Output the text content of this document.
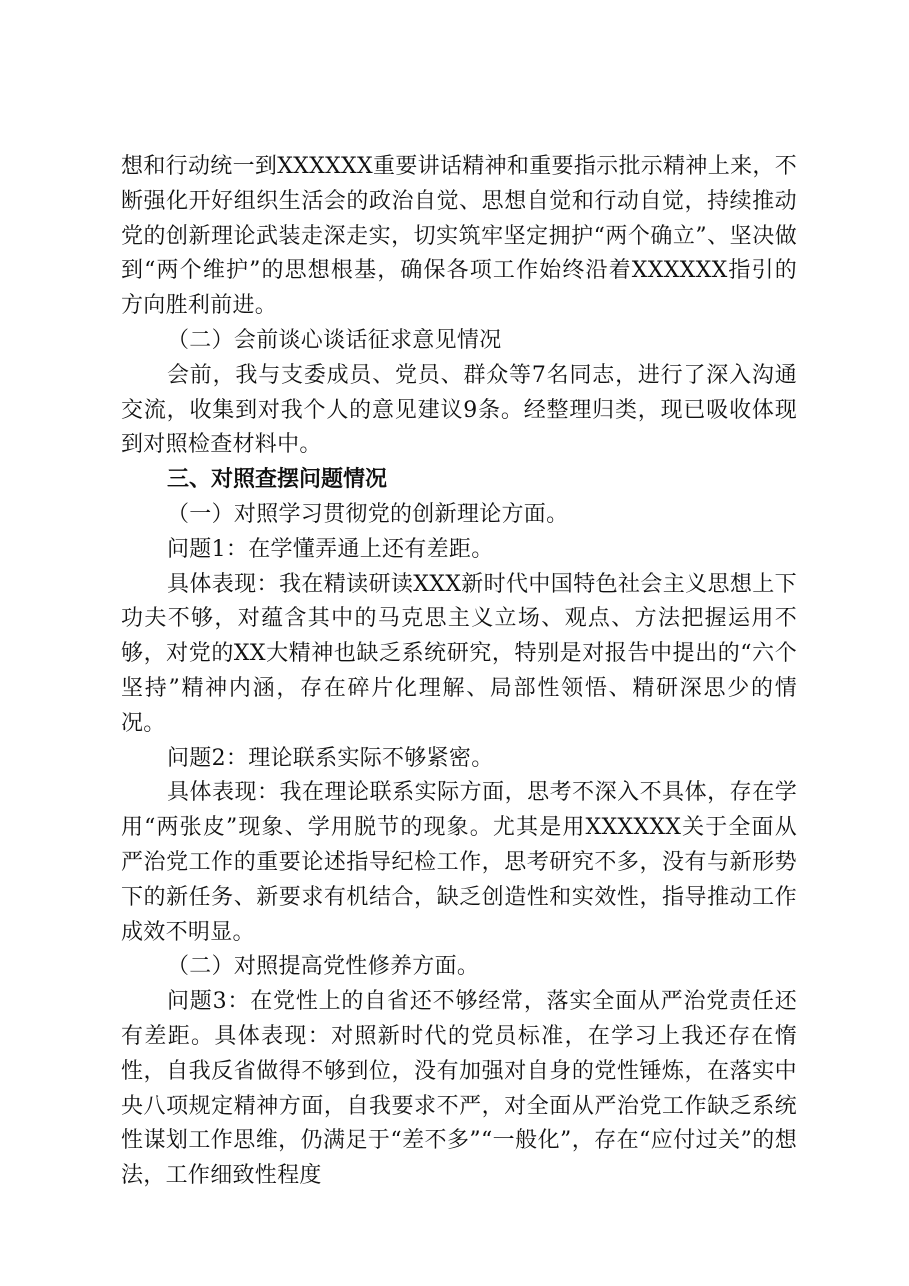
想和行动统一到XXXXXX重要讲话精神和重要指示批示精神上来，不断强化开好组织生活会的政治自觉、思想自觉和行动自觉，持续推动党的创新理论武装走深走实，切实筑牢坚定拥护“两个确立”、坚决做到“两个维护”的思想根基，确保各项工作始终沿着XXXXXX指引的方向胜利前进。

（二）会前谈心谈话征求意见情况

会前，我与支委成员、党员、群众等7名同志，进行了深入沟通交流，收集到对我个人的意见建议9条。经整理归类，现已吸收体现到对照检查材料中。

三、对照查摆问题情况

（一）对照学习贯彻党的创新理论方面。

问题1：在学懂弄通上还有差距。

具体表现：我在精读研读XXX新时代中国特色社会主义思想上下功夫不够，对蕴含其中的马克思主义立场、观点、方法把握运用不够，对党的XX大精神也缺乏系统研究，特别是对报告中提出的“六个坚持”精神内涵，存在碎片化理解、局部性领悟、精研深思少的情况。

问题2：理论联系实际不够紧密。

具体表现：我在理论联系实际方面，思考不深入不具体，存在学用“两张皮”现象、学用脱节的现象。尤其是用XXXXXX关于全面从严治党工作的重要论述指导纪检工作，思考研究不多，没有与新形势下的新任务、新要求有机结合，缺乏创造性和实效性，指导推动工作成效不明显。

（二）对照提高党性修养方面。

问题3：在党性上的自省还不够经常，落实全面从严治党责任还有差距。具体表现：对照新时代的党员标准，在学习上我还存在惰性，自我反省做得不够到位，没有加强对自身的党性锤炼，在落实中央八项规定精神方面，自我要求不严，对全面从严治党工作缺乏系统性谋划工作思维，仍满足于“差不多”“一般化”，存在“应付过关”的想法，工作细致性程度
